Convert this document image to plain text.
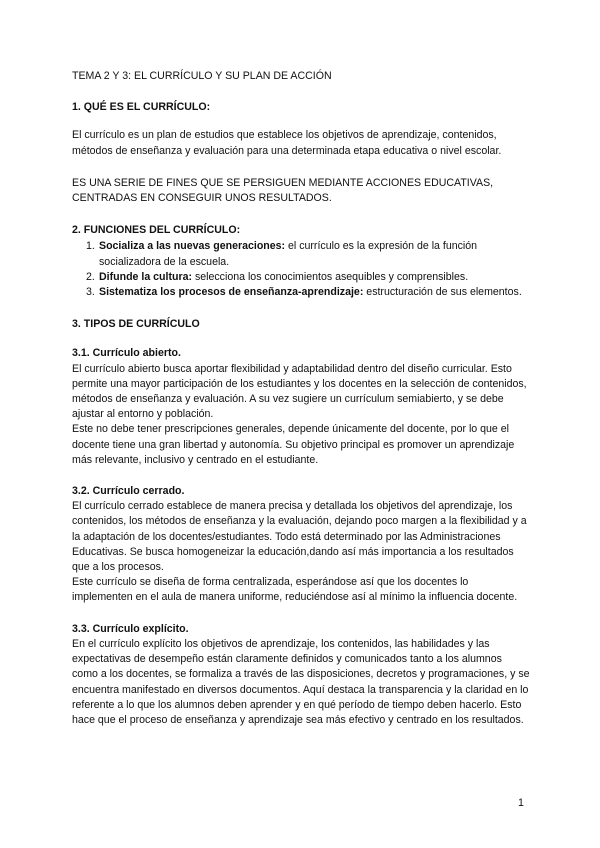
TEMA 2 Y 3: EL CURRÍCULO Y SU PLAN DE ACCIÓN

1. QUÉ ES EL CURRÍCULO:

El currículo es un plan de estudios que establece los objetivos de aprendizaje, contenidos, métodos de enseñanza y evaluación para una determinada etapa educativa o nivel escolar.

ES UNA SERIE DE FINES QUE SE PERSIGUEN MEDIANTE ACCIONES EDUCATIVAS, CENTRADAS EN CONSEGUIR UNOS RESULTADOS.

2. FUNCIONES DEL CURRÍCULO:

1. Socializa a las nuevas generaciones: el currículo es la expresión de la función socializadora de la escuela.
2. Difunde la cultura: selecciona los conocimientos asequibles y comprensibles.
3. Sistematiza los procesos de enseñanza-aprendizaje: estructuración de sus elementos.

3. TIPOS DE CURRÍCULO

3.1. Currículo abierto.

El currículo abierto busca aportar flexibilidad y adaptabilidad dentro del diseño curricular. Esto permite una mayor participación de los estudiantes y los docentes en la selección de contenidos, métodos de enseñanza y evaluación. A su vez sugiere un currículum semiabierto, y se debe ajustar al entorno y población.

Este no debe tener prescripciones generales, depende únicamente del docente, por lo que el docente tiene una gran libertad y autonomía. Su objetivo principal es promover un aprendizaje más relevante, inclusivo y centrado en el estudiante.

3.2. Currículo cerrado.

El currículo cerrado establece de manera precisa y detallada los objetivos del aprendizaje, los contenidos, los métodos de enseñanza y la evaluación, dejando poco margen a la flexibilidad y a la adaptación de los docentes/estudiantes. Todo está determinado por las Administraciones Educativas. Se busca homogeneizar la educación,dando así más importancia a los resultados que a los procesos.

Este currículo se diseña de forma centralizada, esperándose así que los docentes lo implementen en el aula de manera uniforme, reduciéndose así al mínimo la influencia docente.

3.3. Currículo explícito.

En el currículo explícito los objetivos de aprendizaje, los contenidos, las habilidades y las expectativas de desempeño están claramente definidos y comunicados tanto a los alumnos como a los docentes, se formaliza a través de las disposiciones, decretos y programaciones, y se encuentra manifestado en diversos documentos. Aquí destaca la transparencia y la claridad en lo referente a lo que los alumnos deben aprender y en qué período de tiempo deben hacerlo. Esto hace que el proceso de enseñanza y aprendizaje sea más efectivo y centrado en los resultados.

1
